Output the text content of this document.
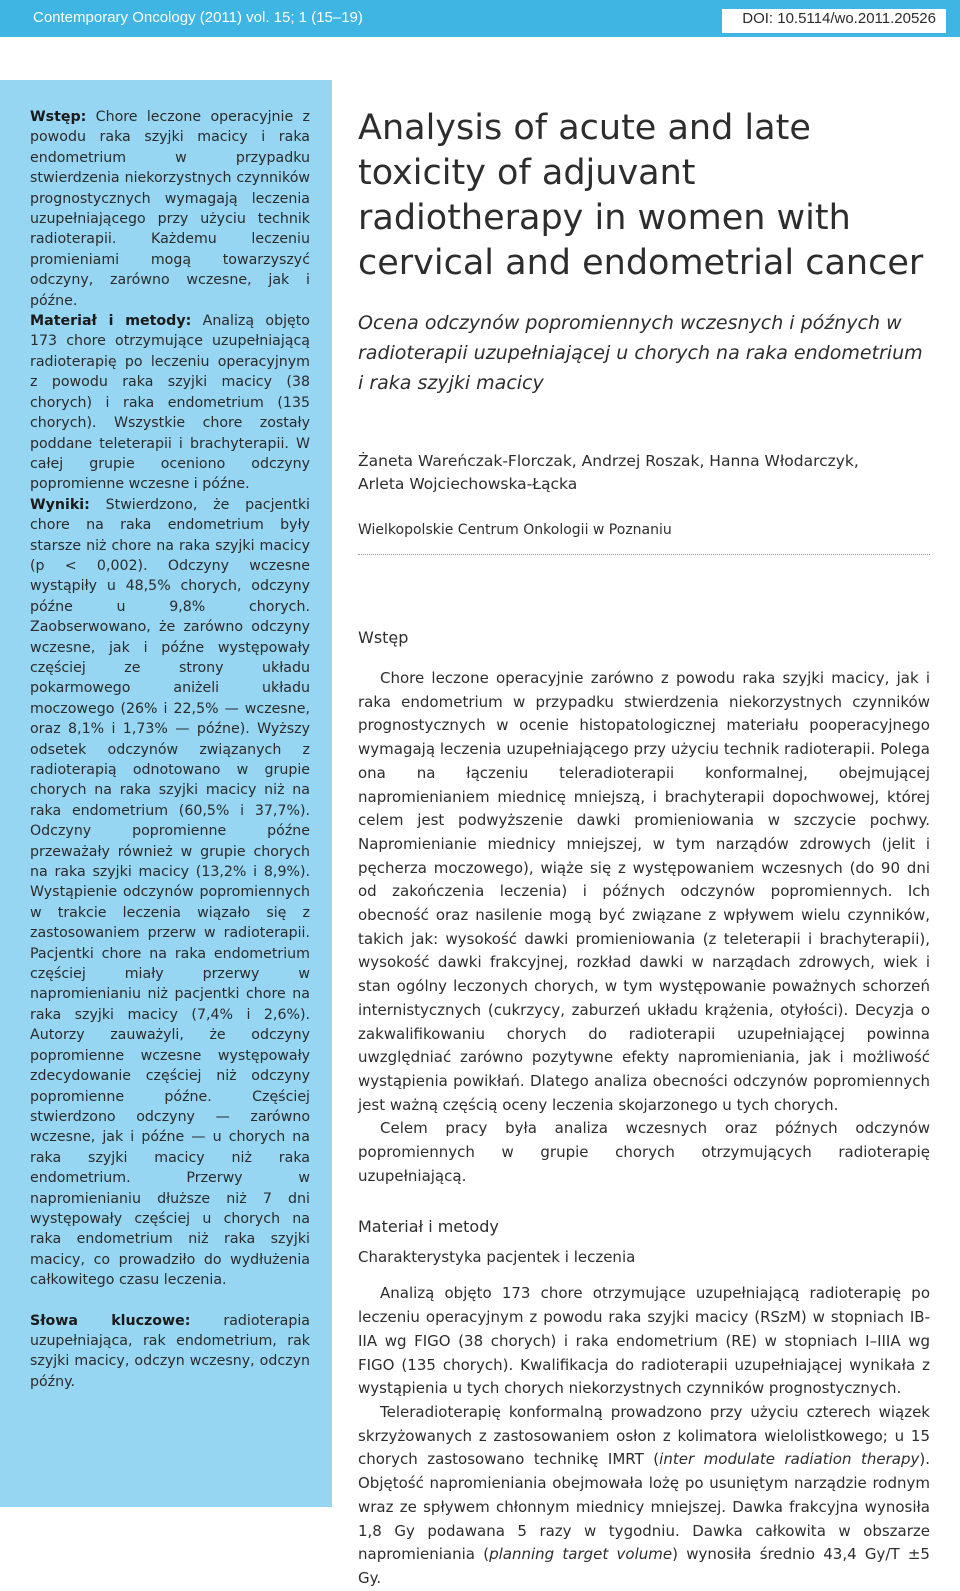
Contemporary Oncology (2011) vol. 15; 1 (15–19)	DOI: 10.5114/wo.2011.20526

Wstęp: Chore leczone operacyjnie z powodu raka szyjki macicy i raka endometrium w przypadku stwierdzenia niekorzystnych czynników prognostycznych wymagają leczenia uzupełniającego przy użyciu technik radioterapii. Każdemu leczeniu promieniami mogą towarzyszyć odczyny, zarówno wczesne, jak i późne.

Materiał i metody: Analizą objęto 173 chore otrzymujące uzupełniającą radioterapię po leczeniu operacyjnym z powodu raka szyjki macicy (38 chorych) i raka endometrium (135 chorych). Wszystkie chore zostały poddane teleterapii i brachyterapii. W całej grupie oceniono odczyny popromienne wczesne i późne.

Wyniki: Stwierdzono, że pacjentki chore na raka endometrium były starsze niż chore na raka szyjki macicy (p < 0,002). Odczyny wczesne wystąpiły u 48,5% chorych, odczyny późne u 9,8% chorych. Zaobserwowano, że zarówno odczyny wczesne, jak i późne występowały częściej ze strony układu pokarmowego aniżeli układu moczowego (26% i 22,5% — wczesne, oraz 8,1% i 1,73% — późne). Wyższy odsetek odczynów związanych z radioterapią odnotowano w grupie chorych na raka szyjki macicy niż na raka endometrium (60,5% i 37,7%). Odczyny popromienne późne przeważały również w grupie chorych na raka szyjki macicy (13,2% i 8,9%). Wystąpienie odczynów popromiennych w trakcie leczenia wiązało się z zastosowaniem przerw w radioterapii. Pacjentki chore na raka endometrium częściej miały przerwy w napromienianiu niż pacjentki chore na raka szyjki macicy (7,4% i 2,6%). Autorzy zauważyli, że odczyny popromienne wczesne występowały zdecydowanie częściej niż odczyny popromienne późne. Częściej stwierdzono odczyny — zarówno wczesne, jak i późne — u chorych na raka szyjki macicy niż raka endometrium. Przerwy w napromienianiu dłuższe niż 7 dni występowały częściej u chorych na raka endometrium niż raka szyjki macicy, co prowadziło do wydłużenia całkowitego czasu leczenia.

Słowa kluczowe: radioterapia uzupełniająca, rak endometrium, rak szyjki macicy, odczyn wczesny, odczyn późny.

Analysis of acute and late toxicity of adjuvant radiotherapy in women with cervical and endometrial cancer
Ocena odczynów popromiennych wczesnych i późnych w radioterapii uzupełniającej u chorych na raka endometrium i raka szyjki macicy
Żaneta Wareńczak-Florczak, Andrzej Roszak, Hanna Włodarczyk,
Arleta Wojciechowska-Łącka
Wielkopolskie Centrum Onkologii w Poznaniu
Wstęp

Chore leczone operacyjnie zarówno z powodu raka szyjki macicy, jak i raka endometrium w przypadku stwierdzenia niekorzystnych czynników prognostycznych w ocenie histopatologicznej materiału pooperacyjnego wymagają leczenia uzupełniającego przy użyciu technik radioterapii. Polega ona na łączeniu teleradioterapii konformalnej, obejmującej napromienianiem miednicę mniejszą, i brachyterapii dopochwowej, której celem jest podwyższenie dawki promieniowania w szczycie pochwy. Napromienianie miednicy mniejszej, w tym narządów zdrowych (jelit i pęcherza moczowego), wiąże się z występowaniem wczesnych (do 90 dni od zakończenia leczenia) i późnych odczynów popromiennych. Ich obecność oraz nasilenie mogą być związane z wpływem wielu czynników, takich jak: wysokość dawki promieniowania (z teleterapii i brachyterapii), wysokość dawki frakcyjnej, rozkład dawki w narządach zdrowych, wiek i stan ogólny leczonych chorych, w tym występowanie poważnych schorzeń internistycznych (cukrzycy, zaburzeń układu krążenia, otyłości). Decyzja o zakwalifikowaniu chorych do radioterapii uzupełniającej powinna uwzględniać zarówno pozytywne efekty napromieniania, jak i możliwość wystąpienia powikłań. Dlatego analiza obecności odczynów popromiennych jest ważną częścią oceny leczenia skojarzonego u tych chorych.

Celem pracy była analiza wczesnych oraz późnych odczynów popromiennych w grupie chorych otrzymujących radioterapię uzupełniającą.

Materiał i metody
Charakterystyka pacjentek i leczenia

Analizą objęto 173 chore otrzymujące uzupełniającą radioterapię po leczeniu operacyjnym z powodu raka szyjki macicy (RSzM) w stopniach IB-IIA wg FIGO (38 chorych) i raka endometrium (RE) w stopniach I–IIIA wg FIGO (135 chorych). Kwalifikacja do radioterapii uzupełniającej wynikała z wystąpienia u tych chorych niekorzystnych czynników prognostycznych.

Teleradioterapię konformalną prowadzono przy użyciu czterech wiązek skrzyżowanych z zastosowaniem osłon z kolimatora wielolistkowego; u 15 chorych zastosowano technikę IMRT (inter modulate radiation therapy). Objętość napromieniania obejmowała lożę po usuniętym narządzie rodnym wraz ze spływem chłonnym miednicy mniejszej. Dawka frakcyjna wynosiła 1,8 Gy podawana 5 razy w tygodniu. Dawka całkowita w obszarze napromieniania (planning target volume) wynosiła średnio 43,4 Gy/T ±5 Gy.
